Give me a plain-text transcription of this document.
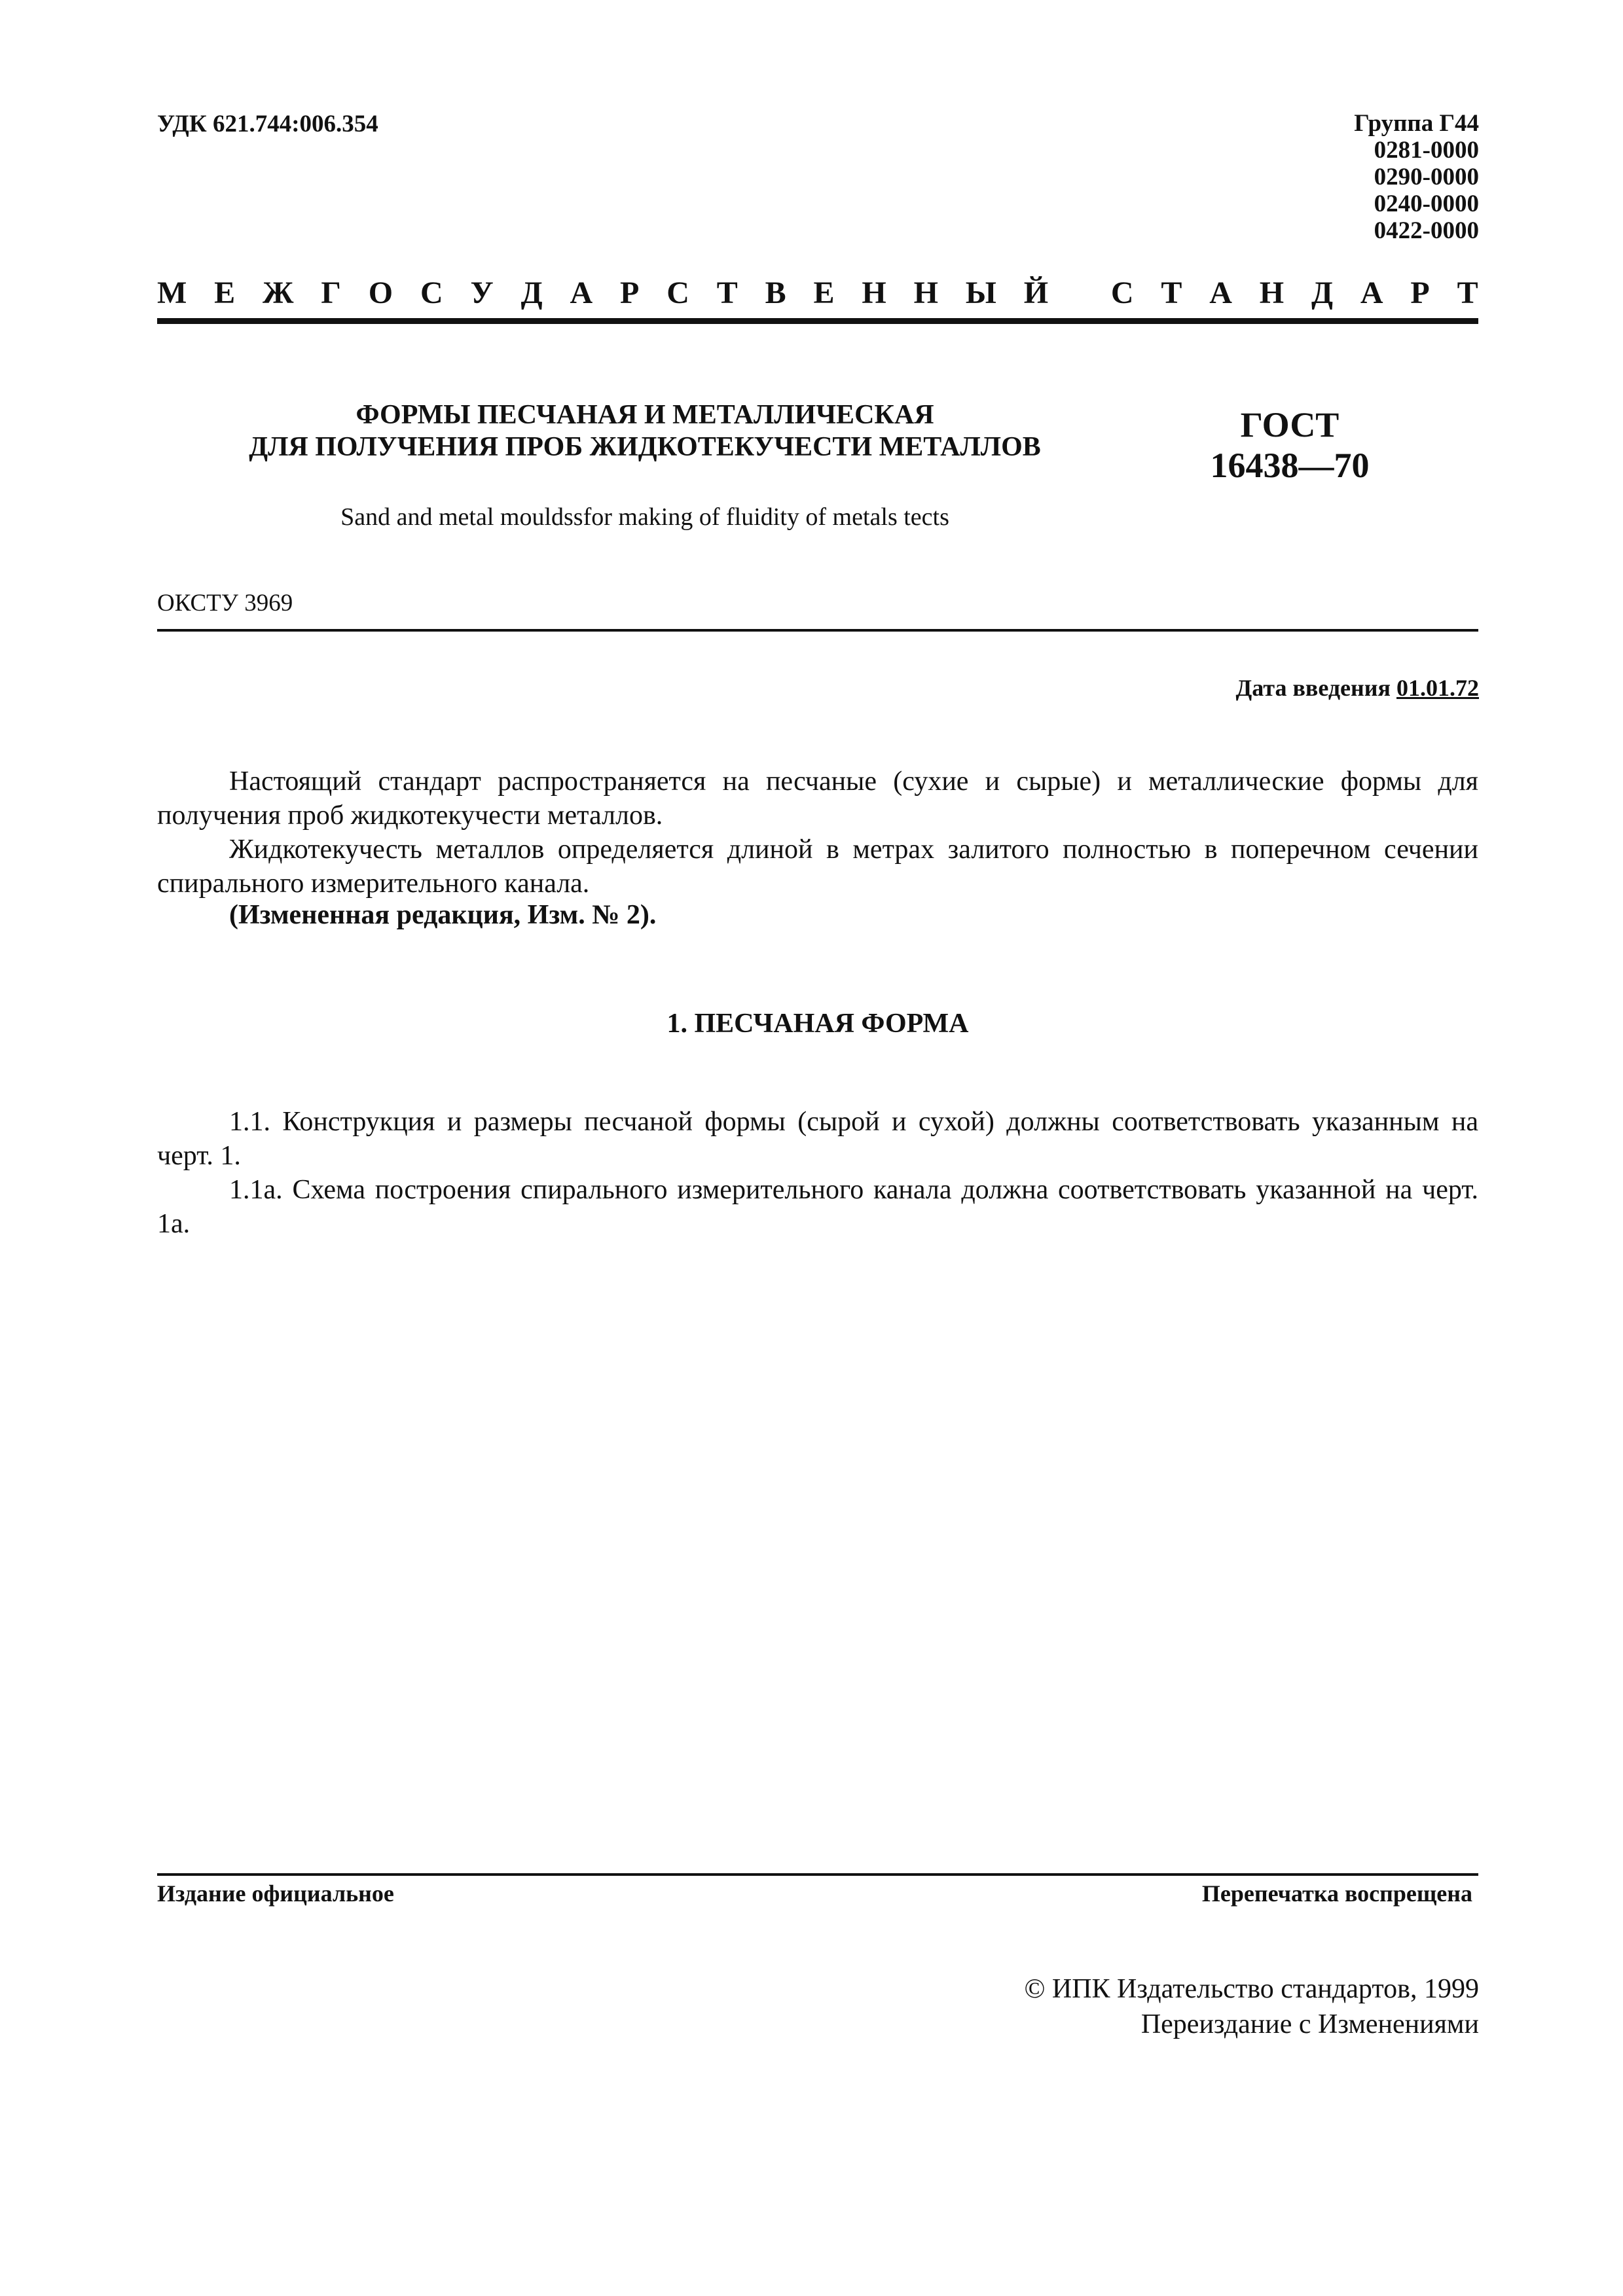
УДК 621.744:006.354	Группа Г44
0281-0000
0290-0000
0240-0000
0422-0000
М Е Ж Г О С У Д А Р С Т В Е Н Н Ы Й
С Т А Н Д А Р Т
ФОРМЫ ПЕСЧАНАЯ И МЕТАЛЛИЧЕСКАЯ
ДЛЯ ПОЛУЧЕНИЯ ПРОБ ЖИДКОТЕКУЧЕСТИ МЕТАЛЛОВ
ГОСТ
16438—70
Sand and metal mouldssfor making of fluidity of metals tects
ОКСТУ 3969
Дата введения 01.01.72
Настоящий стандарт распространяется на песчаные (сухие и сырые) и металлические формы для получения проб жидкотекучести металлов.
Жидкотекучесть металлов определяется длиной в метрах залитого полностью в поперечном сечении спирального измерительного канала.
(Измененная редакция, Изм. № 2).
1. ПЕСЧАНАЯ ФОРМА
1.1. Конструкция и размеры песчаной формы (сырой и сухой) должны соответствовать указанным на черт. 1.
1.1а. Схема построения спирального измерительного канала должна соответствовать указанной на черт. 1а.
Издание официальное	Перепечатка воспрещена
© ИПК Издательство стандартов, 1999
Переиздание с Изменениями
